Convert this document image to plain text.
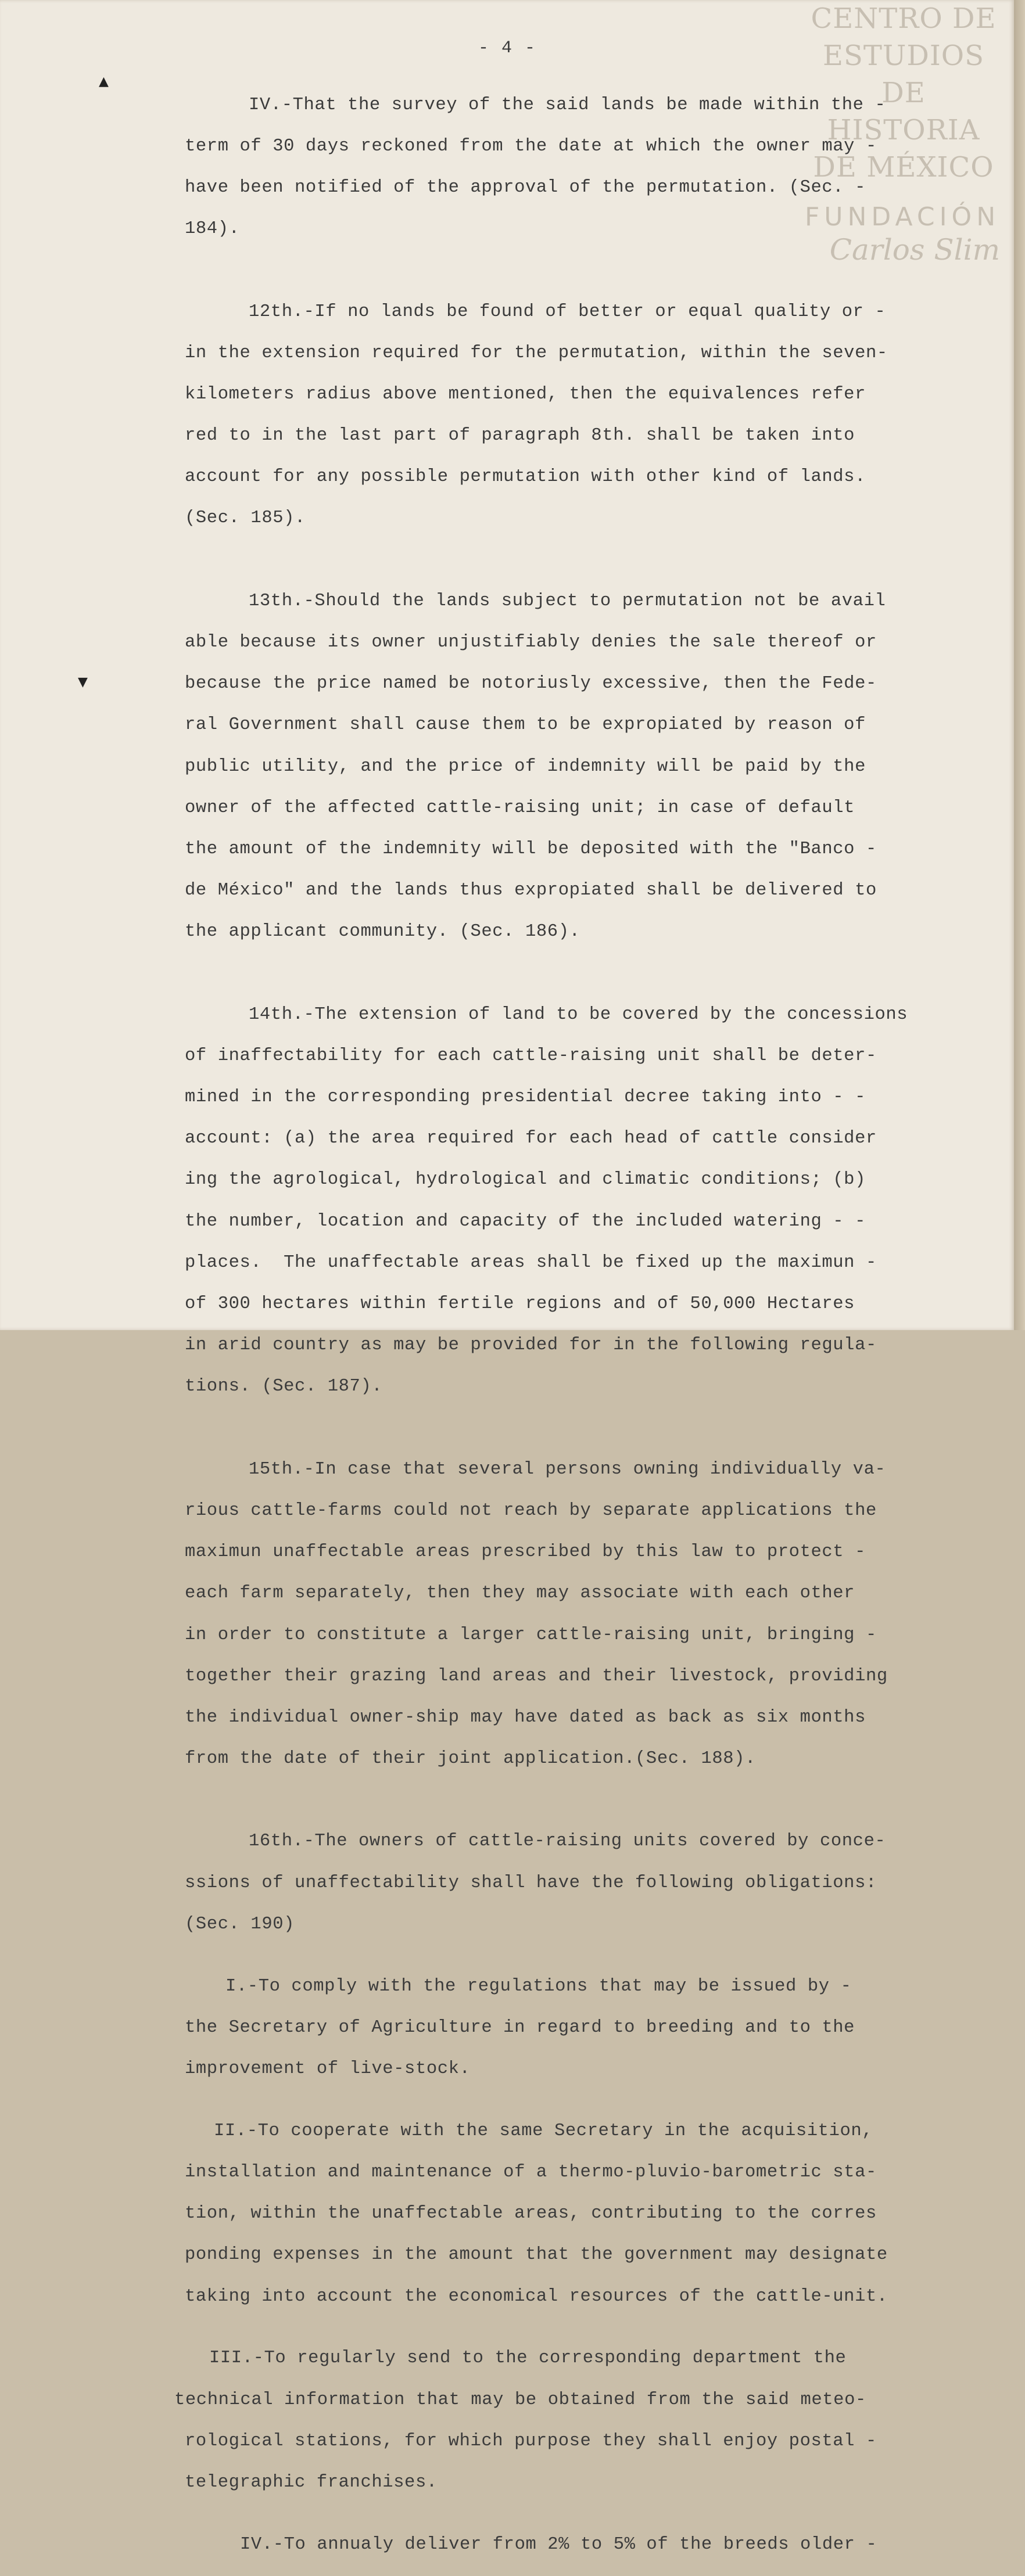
CENTRO DE
ESTUDIOS
DE HISTORIA
DE MÉXICO
FUNDACIÓN
Carlos Slim
▲
▼
- 4 -

IV.-That the survey of the said lands be made within the -

term of 30 days reckoned from the date at which the owner may -

have been notified of the approval of the permutation. (Sec. -

184).

12th.-If no lands be found of better or equal quality or -

in the extension required for the permutation, within the seven-

kilometers radius above mentioned, then the equivalences refer

red to in the last part of paragraph 8th. shall be taken into

account for any possible permutation with other kind of lands.

(Sec. 185).

13th.-Should the lands subject to permutation not be avail

able because its owner unjustifiably denies the sale thereof or

because the price named be notoriusly excessive, then the Fede-

ral Government shall cause them to be expropiated by reason of

public utility, and the price of indemnity will be paid by the

owner of the affected cattle-raising unit; in case of default

the amount of the indemnity will be deposited with the "Banco -

de México" and the lands thus expropiated shall be delivered to

the applicant community. (Sec. 186).

14th.-The extension of land to be covered by the concessions

of inaffectability for each cattle-raising unit shall be deter-

mined in the corresponding presidential decree taking into - -

account: (a) the area required for each head of cattle consider

ing the agrological, hydrological and climatic conditions; (b)

the number, location and capacity of the included watering - -

places.  The unaffectable areas shall be fixed up the maximun -

of 300 hectares within fertile regions and of 50,000 Hectares

in arid country as may be provided for in the following regula-

tions. (Sec. 187).

15th.-In case that several persons owning individually va-

rious cattle-farms could not reach by separate applications the

maximun unaffectable areas prescribed by this law to protect -

each farm separately, then they may associate with each other

in order to constitute a larger cattle-raising unit, bringing -

together their grazing land areas and their livestock, providing

the individual owner-ship may have dated as back as six months

from the date of their joint application.(Sec. 188).

16th.-The owners of cattle-raising units covered by conce-

ssions of unaffectability shall have the following obligations:

(Sec. 190)

I.-To comply with the regulations that may be issued by -

the Secretary of Agriculture in regard to breeding and to the

improvement of live-stock.

II.-To cooperate with the same Secretary in the acquisition,

installation and maintenance of a thermo-pluvio-barometric sta-

tion, within the unaffectable areas, contributing to the corres

ponding expenses in the amount that the government may designate

taking into account the economical resources of the cattle-unit.

III.-To regularly send to the corresponding department the

technical information that may be obtained from the said meteo-

rological stations, for which purpose they shall enjoy postal -

telegraphic franchises.

IV.-To annualy deliver from 2% to 5% of the breeds older -
